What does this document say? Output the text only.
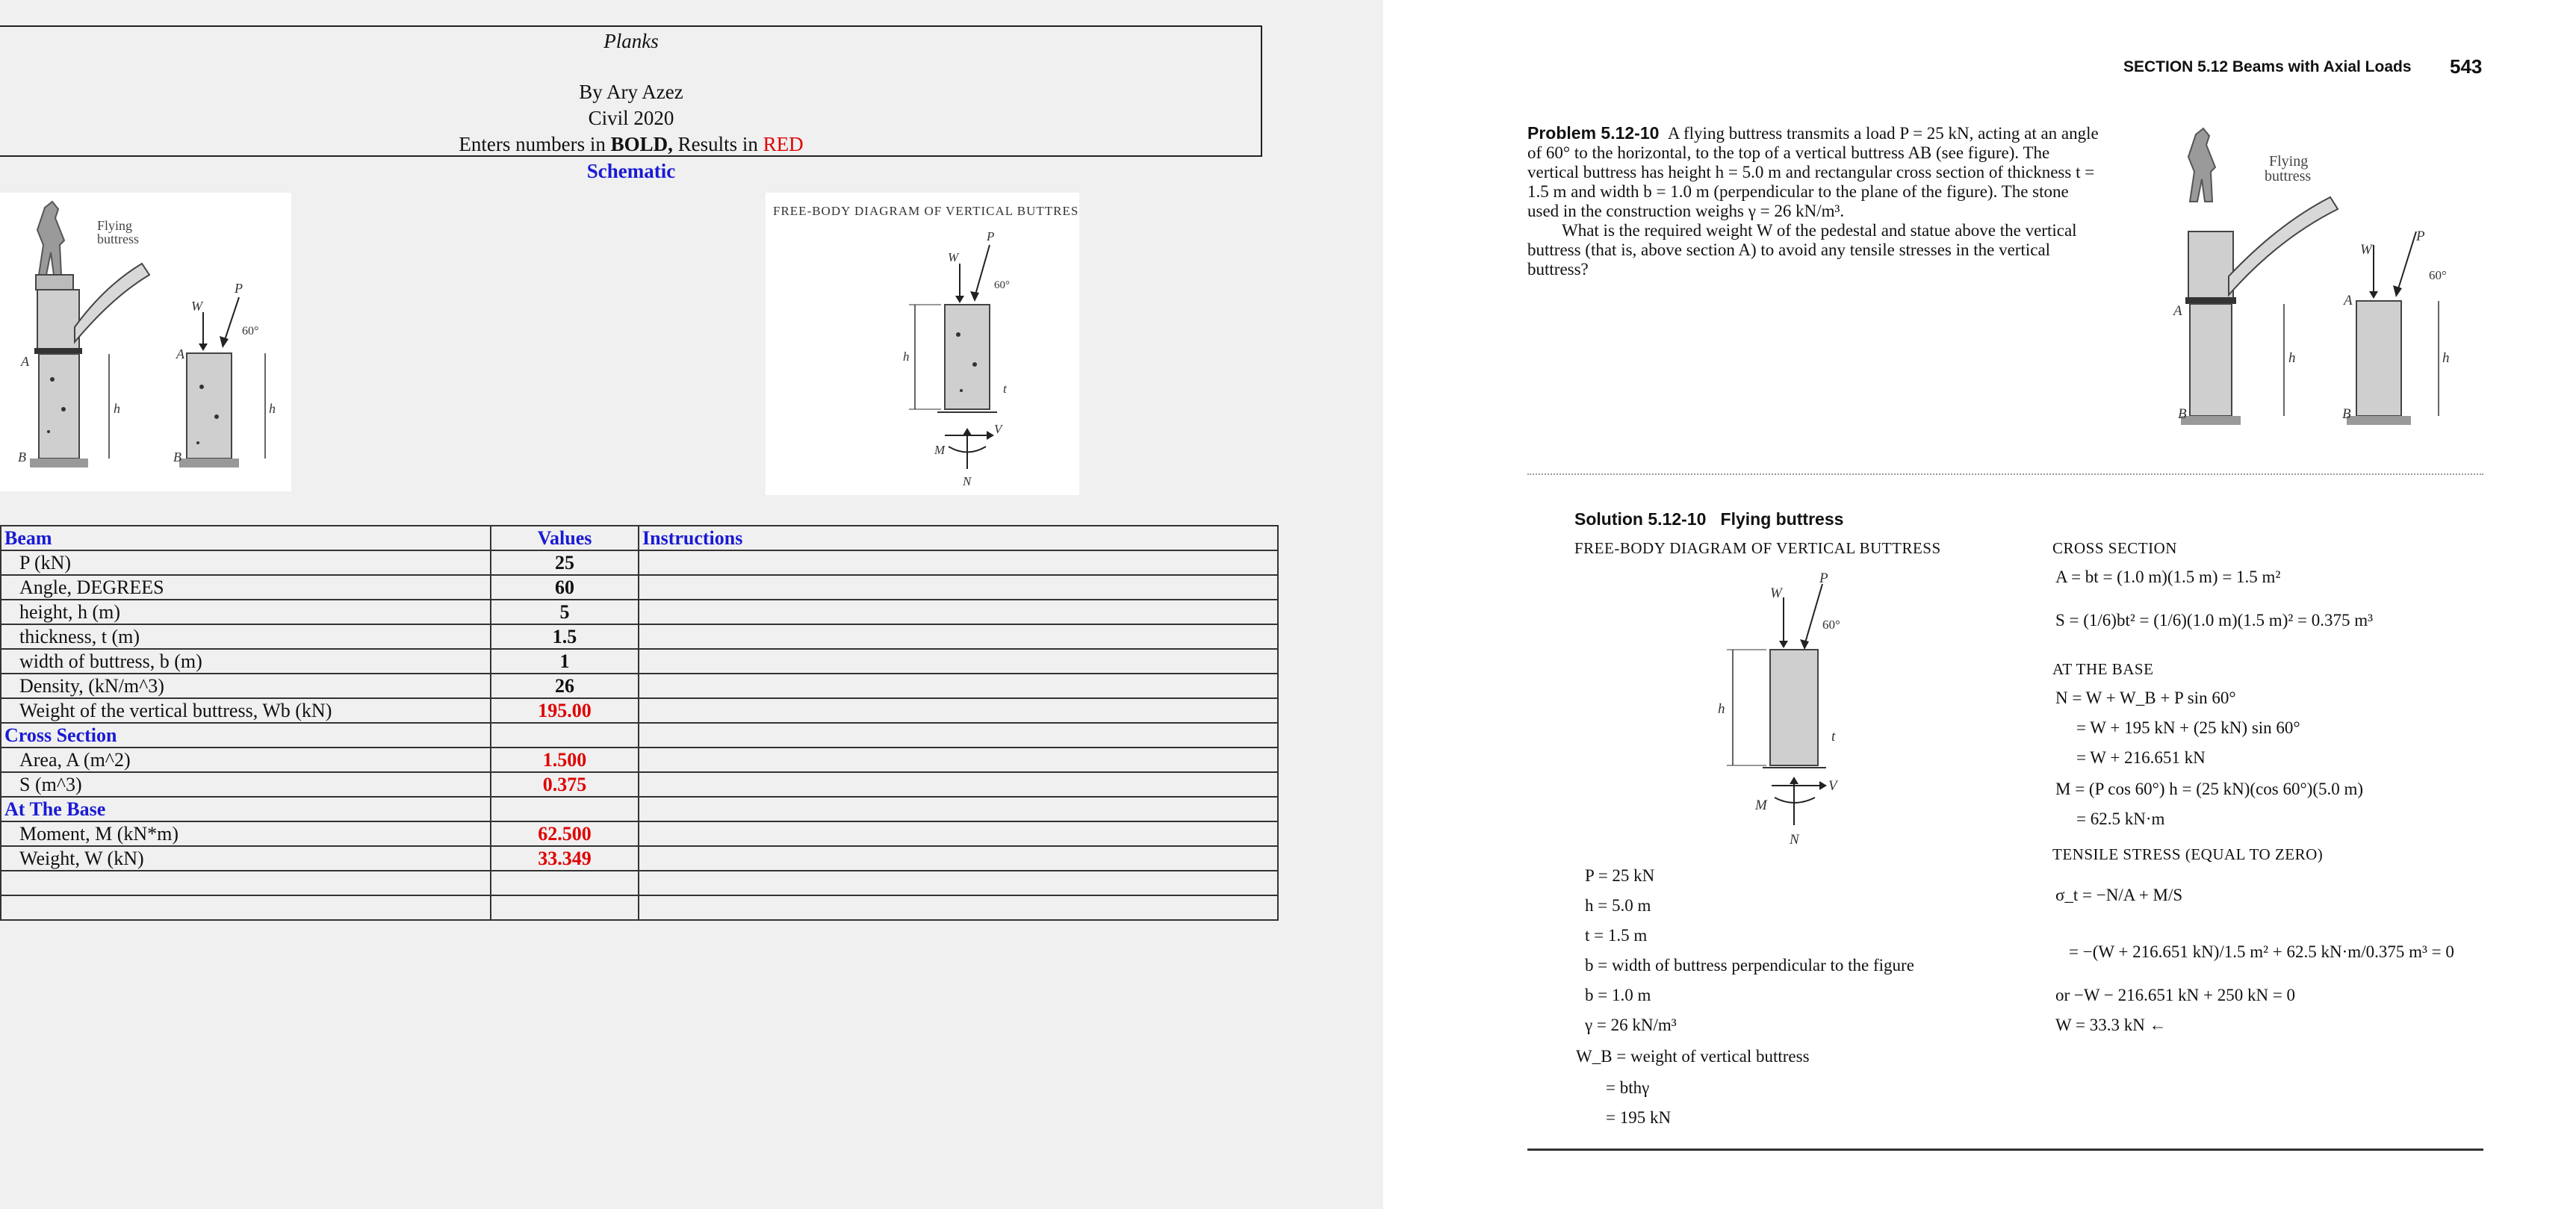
Planks
By Ary Azez
Civil 2020
Enters numbers in BOLD, Results in RED
Schematic
Flying
buttress
A
B
h
A
B
W
P
60°
h
FREE-BODY DIAGRAM OF VERTICAL BUTTRESS
W
P
60°
h
t
V
M
N
Beam	Values	Instructions
P (kN)	25	
Angle, DEGREES	60	
height, h (m)	5	
thickness, t (m)	1.5	
width of buttress, b (m)	1	
Density, (kN/m^3)	26	
Weight of the vertical buttress, Wb (kN)	195.00	
Cross Section		
Area, A (m^2)	1.500	
S (m^3)	0.375	
At The Base		
Moment, M (kN*m)	62.500	
Weight, W (kN)	33.349	

SECTION 5.12 Beams with Axial Loads 543

Problem 5.12-10 A flying buttress transmits a load P = 25 kN, acting at an angle of 60° to the horizontal, to the top of a vertical buttress AB (see figure). The vertical buttress has height h = 5.0 m and rectangular cross section of thickness t = 1.5 m and width b = 1.0 m (perpendicular to the plane of the figure). The stone used in the construction weighs γ = 26 kN/m³.

What is the required weight W of the pedestal and statue above the vertical buttress (that is, above section A) to avoid any tensile stresses in the vertical buttress?

Flying
buttress
A
B
h
A
B
W
P
60°
h
Solution 5.12-10 Flying buttress
FREE-BODY DIAGRAM OF VERTICAL BUTTRESS
W
P
60°
h
t
V
M
N
P = 25 kN
h = 5.0 m
t = 1.5 m
b = width of buttress perpendicular to the figure
b = 1.0 m
γ = 26 kN/m³
W_B = weight of vertical buttress
= bthγ
= 195 kN
CROSS SECTION
A = bt = (1.0 m)(1.5 m) = 1.5 m²
S = (1/6)bt² = (1/6)(1.0 m)(1.5 m)² = 0.375 m³
AT THE BASE
N = W + W_B + P sin 60°
= W + 195 kN + (25 kN) sin 60°
= W + 216.651 kN
M = (P cos 60°) h = (25 kN)(cos 60°)(5.0 m)
= 62.5 kN·m
TENSILE STRESS (EQUAL TO ZERO)
σ_t = −N/A + M/S
= −(W + 216.651 kN)/1.5 m² + 62.5 kN·m/0.375 m³ = 0
or −W − 216.651 kN + 250 kN = 0
W = 33.3 kN ←
